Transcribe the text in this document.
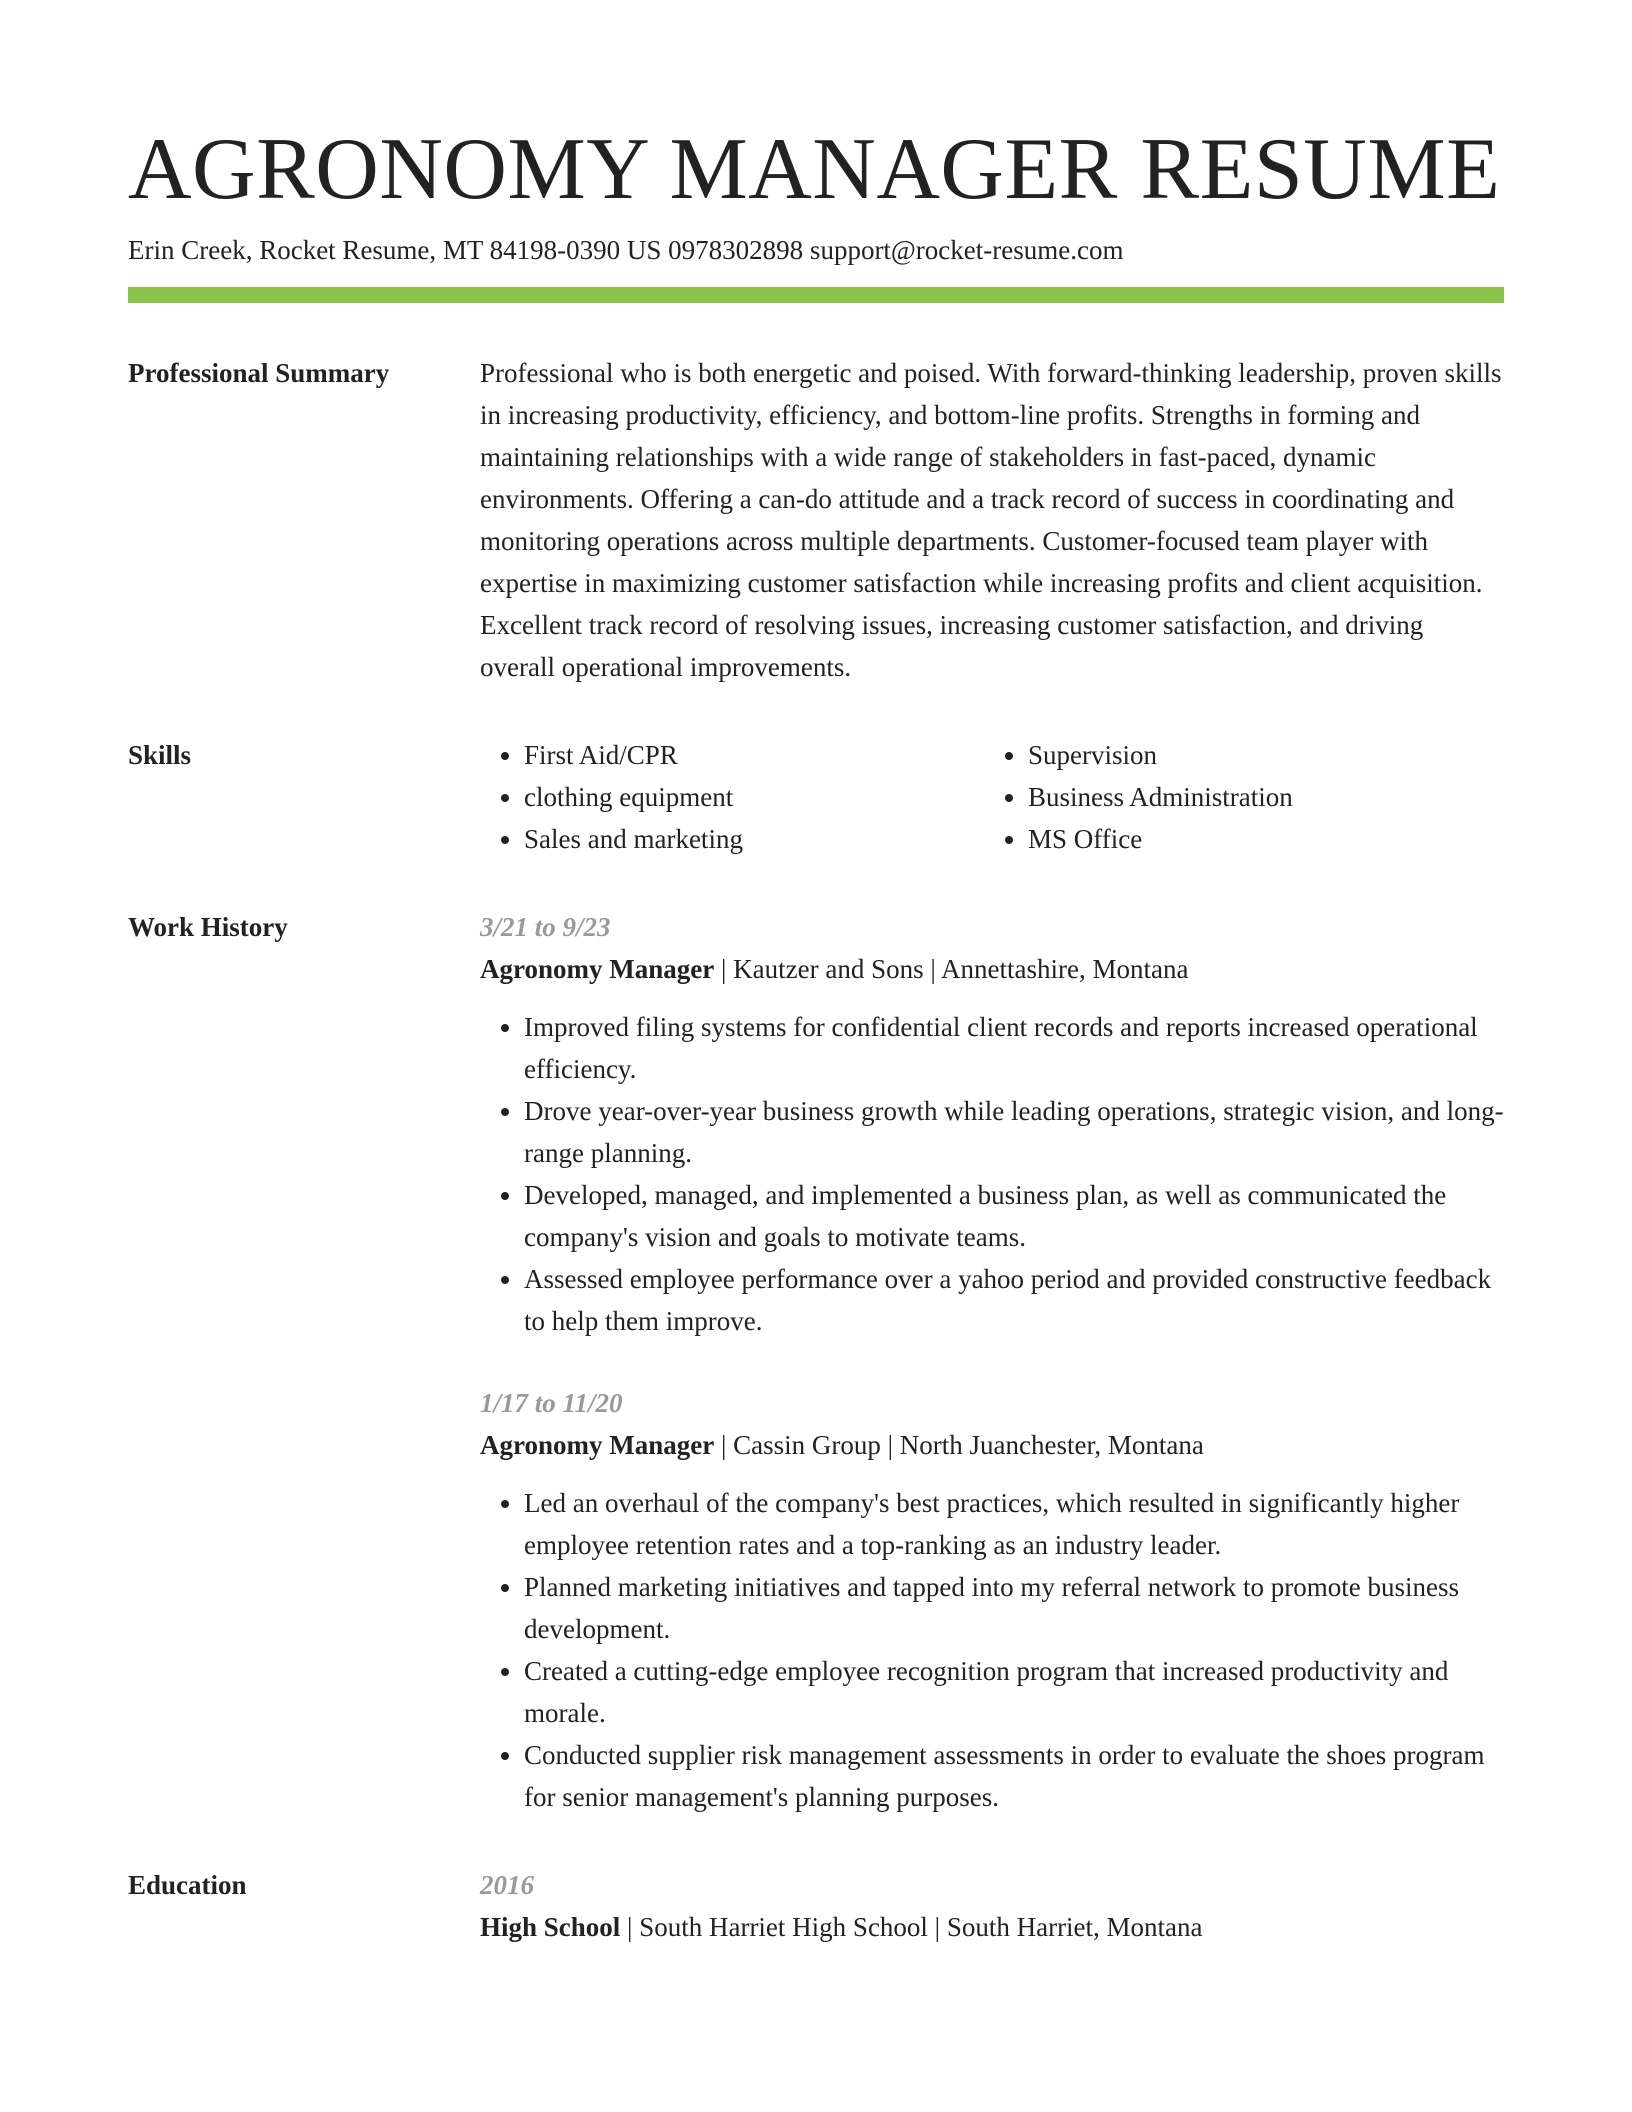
AGRONOMY MANAGER RESUME
Erin Creek, Rocket Resume, MT 84198-0390 US 0978302898 support@rocket-resume.com
Professional Summary	Professional who is both energetic and poised. With forward-thinking leadership, proven skills in increasing productivity, efficiency, and bottom-line profits. Strengths in forming and maintaining relationships with a wide range of stakeholders in fast-paced, dynamic environments. Offering a can-do attitude and a track record of success in coordinating and monitoring operations across multiple departments. Customer-focused team player with expertise in maximizing customer satisfaction while increasing profits and client acquisition. Excellent track record of resolving issues, increasing customer satisfaction, and driving overall operational improvements.

Skills
•	First Aid/CPR
• clothing equipment
• Sales and marketing
• Supervision
• Business Administration
• MS Office
Work History	3/21 to 9/23
Agronomy Manager | Kautzer and Sons | Annettashire, Montana
• Improved filing systems for confidential client records and reports increased operational efficiency.
• Drove year-over-year business growth while leading operations, strategic vision, and long-range planning.
• Developed, managed, and implemented a business plan, as well as communicated the company's vision and goals to motivate teams.
• Assessed employee performance over a yahoo period and provided constructive feedback to help them improve.
1/17 to 11/20
Agronomy Manager | Cassin Group | North Juanchester, Montana
• Led an overhaul of the company's best practices, which resulted in significantly higher employee retention rates and a top-ranking as an industry leader.
• Planned marketing initiatives and tapped into my referral network to promote business development.
• Created a cutting-edge employee recognition program that increased productivity and morale.
• Conducted supplier risk management assessments in order to evaluate the shoes program for senior management's planning purposes.
Education	2016
High School | South Harriet High School | South Harriet, Montana
